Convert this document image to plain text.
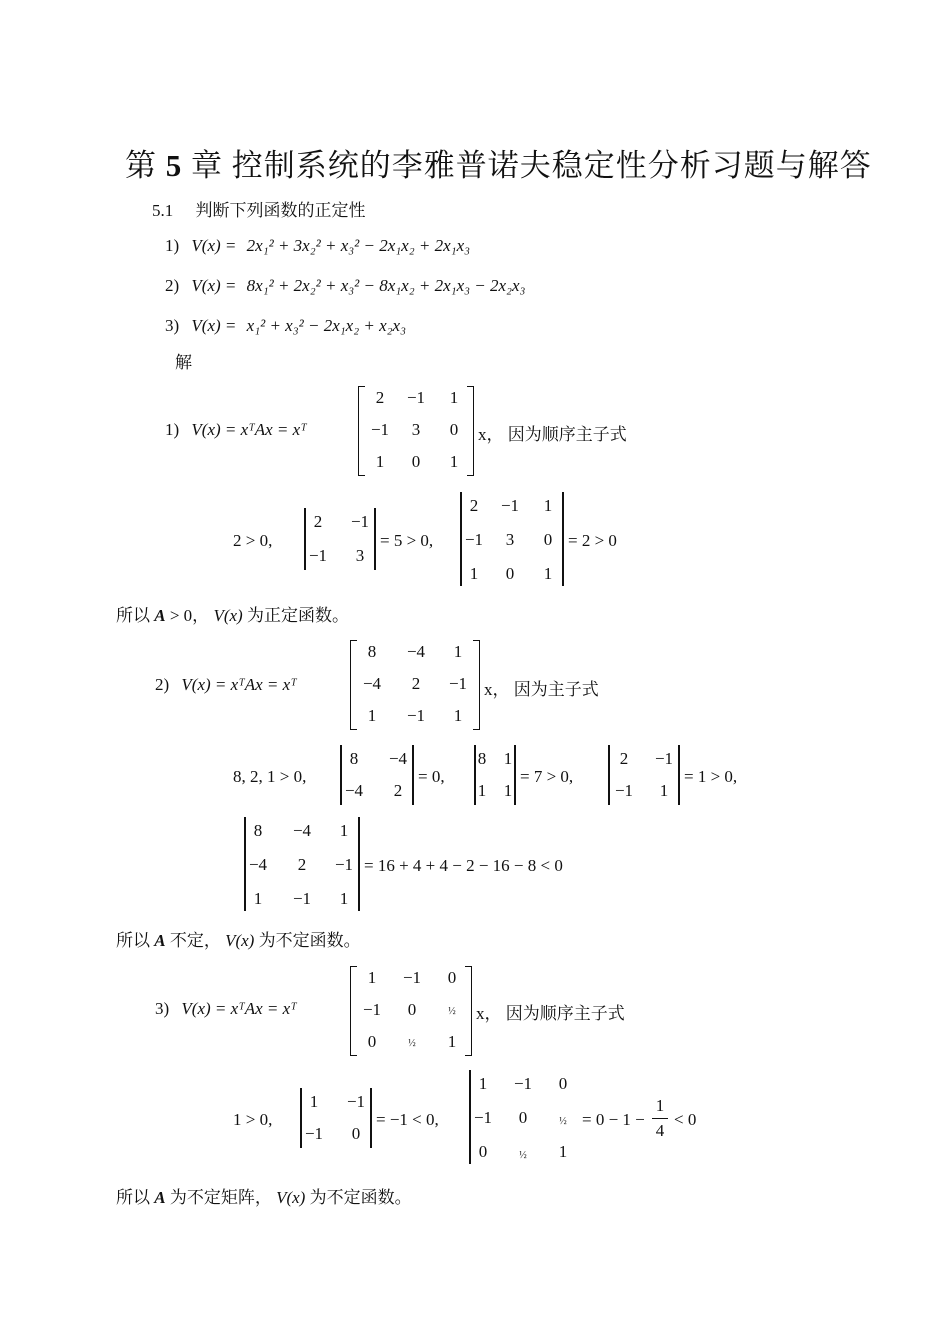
第 5 章 控制系统的李雅普诺夫稳定性分析习题与解答
5.1 判断下列函数的正定性
1) V(x) = 2x₁² + 3x₂² + x₃² − 2x₁x₂ + 2x₁x₃
2) V(x) = 8x₁² + 2x₂² + x₃² − 8x₁x₂ + 2x₁x₃ − 2x₂x₃
3) V(x) = x₁² + x₃² − 2x₁x₂ + x₂x₃
解
1) V(x) = xᵀAx = xᵀ
2	−1	1
−1	3	0
1	0	1
x， 因为顺序主子式
2 > 0,
2	−1
−1	3
= 5 > 0,
2	−1	1
−1	3	0
1	0	1
= 2 > 0
所以 A > 0， V(x) 为正定函数。
2) V(x) = xᵀAx = xᵀ
8	−4	1
−4	2	−1
1	−1	1
x， 因为主子式
8, 2, 1 > 0,
8	−4
−4	2
= 0,
8	1
1	1
= 7 > 0,
2	−1
−1	1
= 1 > 0,
8	−4	1
−4	2	−1
1	−1	1
= 16 + 4 + 4 − 2 − 16 − 8 < 0
所以 A 不定， V(x) 为不定函数。
3) V(x) = xᵀAx = xᵀ
1	−1	0
−1	0	½
0	½	1
x， 因为顺序主子式
1 > 0,
1	−1
−1	0
= −1 < 0,
1	−1	0
−1	0	½
0	½	1
= 0 − 1 −
1
4
< 0
所以 A 为不定矩阵， V(x) 为不定函数。
